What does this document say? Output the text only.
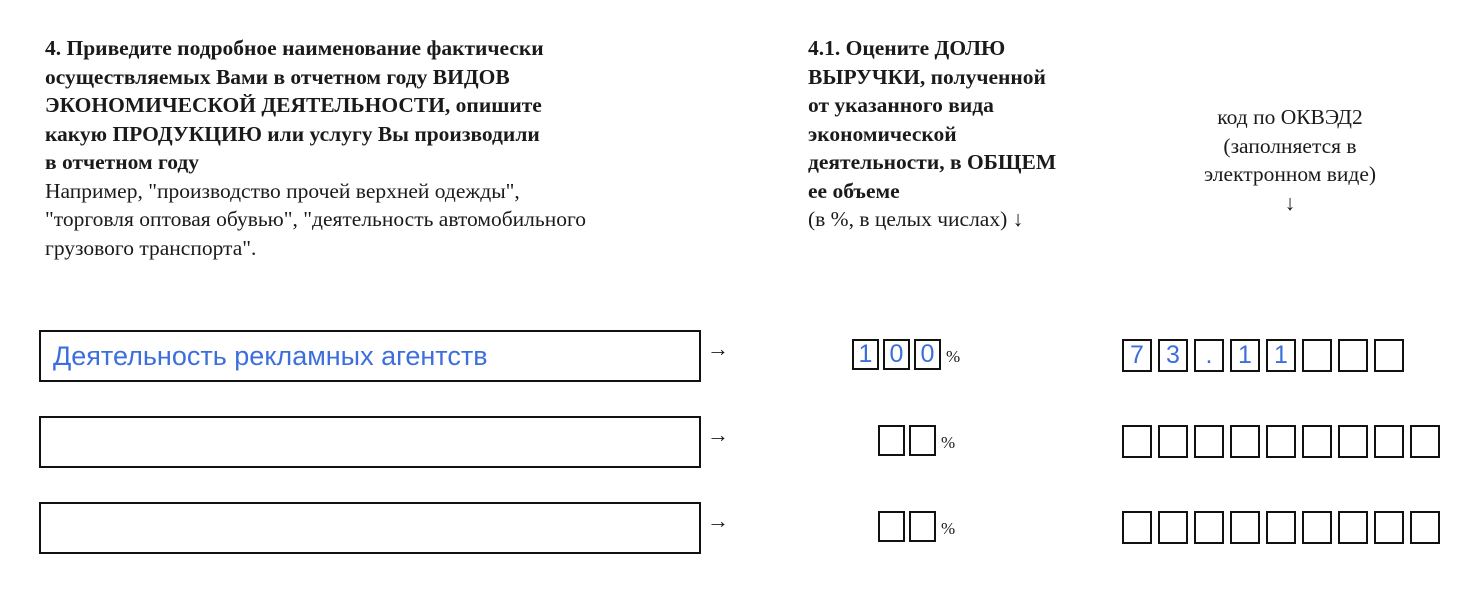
4. Приведите подробное наименование фактически
осуществляемых Вами в отчетном году ВИДОВ
ЭКОНОМИЧЕСКОЙ ДЕЯТЕЛЬНОСТИ, опишите
какую ПРОДУКЦИЮ или услугу Вы производили
в отчетном году
Например, "производство прочей верхней одежды",
"торговля оптовая обувью", "деятельность автомобильного
грузового транспорта".
4.1. Оцените ДОЛЮ
ВЫРУЧКИ, полученной
от указанного вида
экономической
деятельности, в ОБЩЕМ
ее объеме
(в %, в целых числах) ↓
код по ОКВЭД2
(заполняется в
электронном виде)
↓
Деятельность рекламных агентств
→	1 0 0 %	7 3	.	1 1
→	%
→	%
